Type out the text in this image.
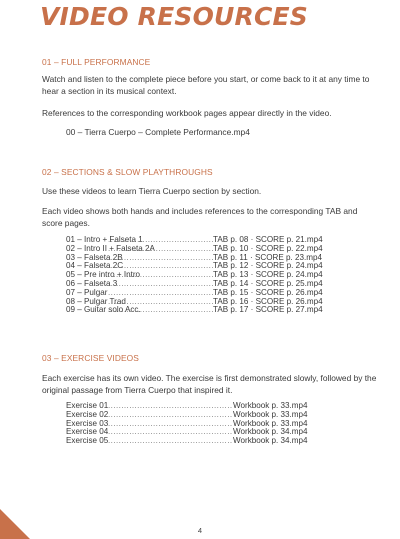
VIDEO RESOURCES

01 – FULL PERFORMANCE

Watch and listen to the complete piece before you start, or come back to it at any time to hear a section in its musical context.

References to the corresponding workbook pages appear directly in the video.

00 – Tierra Cuerpo – Complete Performance.mp4

02 – SECTIONS & SLOW PLAYTHROUGHS

Use these videos to learn Tierra Cuerpo section by section.

Each video shows both hands and includes references to the corresponding TAB and score pages.

01 – Intro + Falseta 1 .....	TAB p. 08 · SCORE p. 21.mp4
02 – Intro II + Falseta 2A .....	TAB p. 10 · SCORE p. 22.mp4
03 – Falseta 2B .....	TAB p. 11 · SCORE p. 23.mp4
04 – Falseta 2C .....	TAB p. 12 · SCORE p. 24.mp4
05 – Pre intro + Intro .....	TAB p. 13 · SCORE p. 24.mp4
06 – Falseta 3 .....	TAB p. 14 · SCORE p. 25.mp4
07 – Pulgar .....	TAB p. 15 · SCORE p. 26.mp4
08 – Pulgar Trad .....	TAB p. 16 · SCORE p. 26.mp4
09 – Guitar solo Acc. .....	TAB p. 17 · SCORE p. 27.mp4

03 – EXERCISE VIDEOS

Each exercise has its own video. The exercise is first demonstrated slowly, followed by the original passage from Tierra Cuerpo that inspired it.

Exercise 01 .....	Workbook p. 33.mp4
Exercise 02 .....	Workbook p. 33.mp4
Exercise 03 .....	Workbook p. 33.mp4
Exercise 04 .....	Workbook p. 34.mp4
Exercise 05 .....	Workbook p. 34.mp4
4
